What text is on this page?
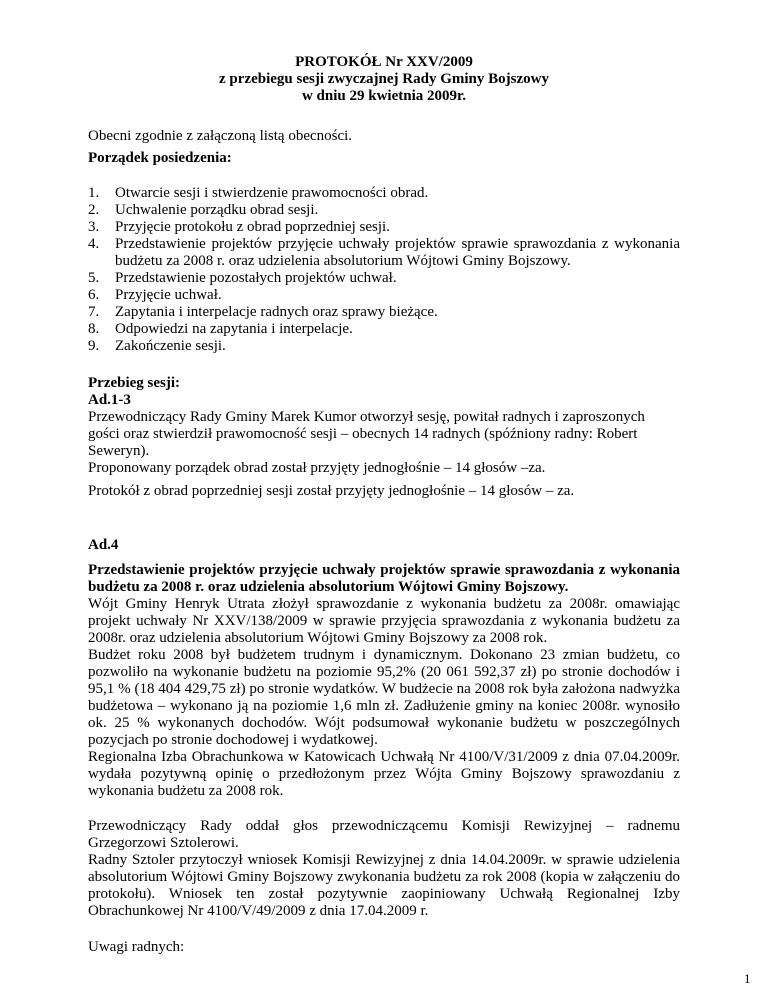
PROTOKÓŁ Nr XXV/2009
z przebiegu sesji zwyczajnej Rady Gminy Bojszowy
w dniu 29 kwietnia 2009r.

Obecni zgodnie z załączoną listą obecności.

Porządek posiedzenia:

1. Otwarcie sesji i stwierdzenie prawomocności obrad.
2. Uchwalenie porządku obrad sesji.
3. Przyjęcie protokołu z obrad poprzedniej sesji.
4. Przedstawienie projektów przyjęcie uchwały projektów sprawie sprawozdania z wykonania budżetu za 2008 r. oraz udzielenia absolutorium Wójtowi Gminy Bojszowy.
5. Przedstawienie pozostałych projektów uchwał.
6. Przyjęcie uchwał.
7. Zapytania i interpelacje radnych oraz sprawy bieżące.
8. Odpowiedzi na zapytania i interpelacje.
9. Zakończenie sesji.

Przebieg sesji:

Ad.1-3

Przewodniczący Rady Gminy Marek Kumor otworzył sesję, powitał radnych i zaproszonych gości oraz stwierdził prawomocność sesji – obecnych 14 radnych (spóźniony radny: Robert Seweryn).

Proponowany porządek obrad został przyjęty jednogłośnie – 14 głosów –za.

Protokół z obrad poprzedniej sesji został przyjęty jednogłośnie – 14 głosów – za.

Ad.4

Przedstawienie projektów przyjęcie uchwały projektów sprawie sprawozdania z wykonania budżetu za 2008 r. oraz udzielenia absolutorium Wójtowi Gminy Bojszowy.

Wójt Gminy Henryk Utrata złożył sprawozdanie z wykonania budżetu za 2008r. omawiając projekt uchwały Nr XXV/138/2009 w sprawie przyjęcia sprawozdania z wykonania budżetu za 2008r. oraz udzielenia absolutorium Wójtowi Gminy Bojszowy za 2008 rok.

Budżet roku 2008 był budżetem trudnym i dynamicznym. Dokonano 23 zmian budżetu, co pozwoliło na wykonanie budżetu na poziomie 95,2% (20 061 592,37 zł) po stronie dochodów i 95,1 % (18 404 429,75 zł) po stronie wydatków. W budżecie na 2008 rok była założona nadwyżka budżetowa – wykonano ją na poziomie 1,6 mln zł. Zadłużenie gminy na koniec 2008r. wynosiło ok. 25 % wykonanych dochodów. Wójt podsumował wykonanie budżetu w poszczególnych pozycjach po stronie dochodowej i wydatkowej.

Regionalna Izba Obrachunkowa w Katowicach Uchwałą Nr 4100/V/31/2009 z dnia 07.04.2009r. wydała pozytywną opinię o przedłożonym przez Wójta Gminy Bojszowy sprawozdaniu z wykonania budżetu za 2008 rok.

Przewodniczący Rady oddał głos przewodniczącemu Komisji Rewizyjnej – radnemu Grzegorzowi Sztolerowi.

Radny Sztoler przytoczył wniosek Komisji Rewizyjnej z dnia 14.04.2009r. w sprawie udzielenia absolutorium Wójtowi Gminy Bojszowy zwykonania budżetu za rok 2008 (kopia w załączeniu do protokołu). Wniosek ten został pozytywnie zaopiniowany Uchwałą Regionalnej Izby Obrachunkowej Nr 4100/V/49/2009 z dnia 17.04.2009 r.

Uwagi radnych:

1
